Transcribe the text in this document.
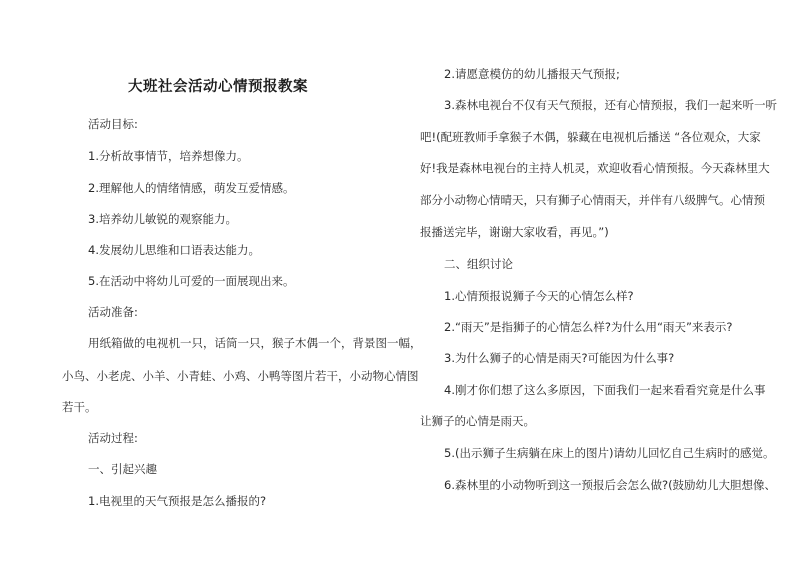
大班社会活动心情预报教案
活动目标:
1.分析故事情节，培养想像力。
2.理解他人的情绪情感，萌发互爱情感。
3.培养幼儿敏锐的观察能力。
4.发展幼儿思维和口语表达能力。
5.在活动中将幼儿可爱的一面展现出来。
活动准备:
用纸箱做的电视机一只，话筒一只，猴子木偶一个，背景图一幅，
小鸟、小老虎、小羊、小青蛙、小鸡、小鸭等图片若干，小动物心情图
若干。
活动过程:
一、引起兴趣
1.电视里的天气预报是怎么播报的?
2.请愿意模仿的幼儿播报天气预报;
3.森林电视台不仅有天气预报，还有心情预报，我们一起来听一听
吧!(配班教师手拿猴子木偶，躲藏在电视机后播送 “各位观众，大家
好!我是森林电视台的主持人机灵，欢迎收看心情预报。今天森林里大
部分小动物心情晴天，只有狮子心情雨天，并伴有八级脾气。心情预
报播送完毕，谢谢大家收看，再见。”)
二、组织讨论
1.心情预报说狮子今天的心情怎么样?
2.“雨天”是指狮子的心情怎么样?为什么用“雨天”来表示?
3.为什么狮子的心情是雨天?可能因为什么事?
4.刚才你们想了这么多原因，下面我们一起来看看究竟是什么事
让狮子的心情是雨天。
5.(出示狮子生病躺在床上的图片)请幼儿回忆自己生病时的感觉。
6.森林里的小动物听到这一预报后会怎么做?(鼓励幼儿大胆想像、
